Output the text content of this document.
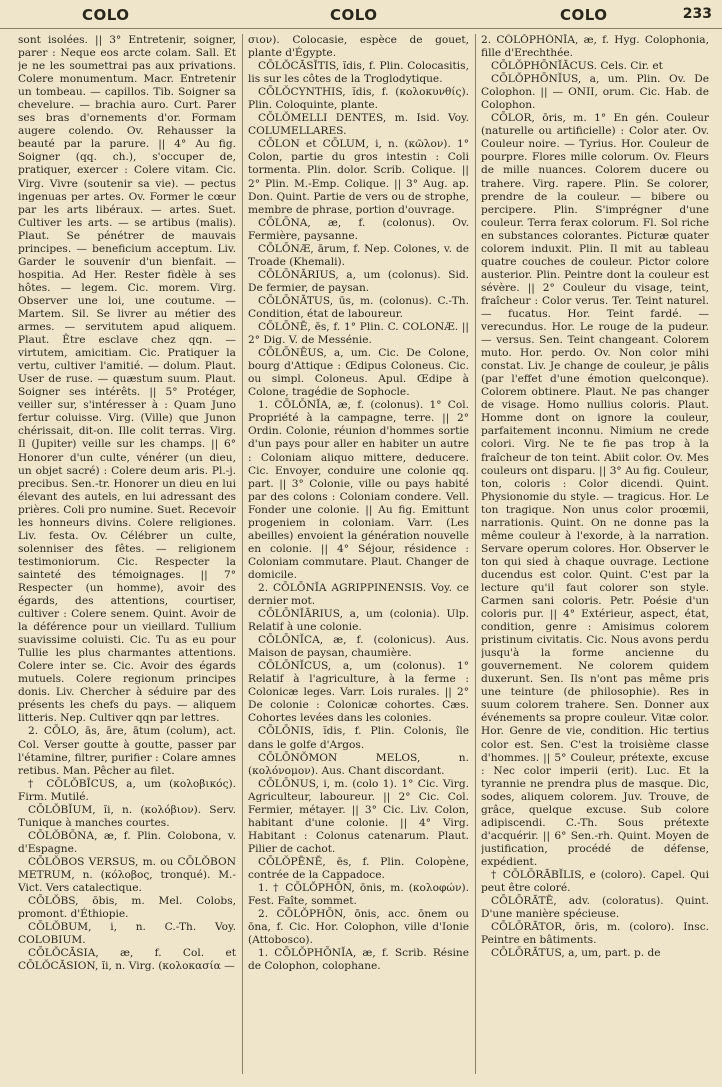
COLO	COLO	COLO	233

sont isolées. || 3° Entretenir, soigner, parer : Neque eos arcte colam. Sall. Et je ne les soumettrai pas aux privations. Colere monumentum. Macr. Entretenir un tombeau. — capillos. Tib. Soigner sa chevelure. — brachia auro. Curt. Parer ses bras d'ornements d'or. Formam augere colendo. Ov. Rehausser la beauté par la parure. || 4° Au fig. Soigner (qq. ch.), s'occuper de, pratiquer, exercer : Colere vitam. Cic. Virg. Vivre (soutenir sa vie). — pectus ingenuas per artes. Ov. Former le cœur par les arts libéraux. — artes. Suet. Cultiver les arts. — se artibus (malis). Plaut. Se pénétrer de mauvais principes. — beneficium acceptum. Liv. Garder le souvenir d'un bienfait. — hospitia. Ad Her. Rester fidèle à ses hôtes. — legem. Cic. morem. Virg. Observer une loi, une coutume. — Martem. Sil. Se livrer au métier des armes. — servitutem apud aliquem. Plaut. Être esclave chez qqn. — virtutem, amicitiam. Cic. Pratiquer la vertu, cultiver l'amitié. — dolum. Plaut. User de ruse. — quæstum suum. Plaut. Soigner ses intérêts. || 5° Protéger, veiller sur, s'intéresser à : Quam Juno fertur coluisse. Virg. (Ville) que Junon chérissait, dit-on. Ille colit terras. Virg. Il (Jupiter) veille sur les champs. || 6° Honorer d'un culte, vénérer (un dieu, un objet sacré) : Colere deum aris. Pl.-j. precibus. Sen.-tr. Honorer un dieu en lui élevant des autels, en lui adressant des prières. Coli pro numine. Suet. Recevoir les honneurs divins. Colere religiones. Liv. festa. Ov. Célébrer un culte, solenniser des fêtes. — religionem testimoniorum. Cic. Respecter la sainteté des témoignages. || 7° Respecter (un homme), avoir des égards, des attentions, courtiser, cultiver : Colere senem. Quint. Avoir de la déférence pour un vieillard. Tullium suavissime coluisti. Cic. Tu as eu pour Tullie les plus charmantes attentions. Colere inter se. Cic. Avoir des égards mutuels. Colere regionum principes donis. Liv. Chercher à séduire par des présents les chefs du pays. — aliquem litteris. Nep. Cultiver qqn par lettres.

2. CŌLO, ās, āre, ātum (colum), act. Col. Verser goutte à goutte, passer par l'étamine, filtrer, purifier : Colare amnes retibus. Man. Pêcher au filet.

† CŌLŎBĪCUS, a, um (κολοβικός). Firm. Mutilé.

CŌLŎBĬUM, ĭi, n. (κολόβιον). Serv. Tunique à manches courtes.

CŌLŎBŌNA, æ, f. Plin. Colobona, v. d'Espagne.

CŌLŎBOS VERSUS, m. ou CŌLŎBON METRUM, n. (κόλοβος, tronqué). M.-Vict. Vers catalectique.

CŌLŎBS, ōbis, m. Mel. Colobs, promont. d'Éthiopie.

CŌLŎBUM, i, n. C.-Th. Voy. COLOBIUM.

CŌLŎCĀSIA, æ, f. Col. et CŌLŎCĀSION, ĭi, n. Virg. (κολοκασία —

σιον). Colocasie, espèce de gouet, plante d'Égypte.

CŌLŎCĀSĬTIS, ĭdis, f. Plin. Colocasitis, lis sur les côtes de la Troglodytique.

CŌLŎCYNTHIS, ĭdis, f. (κολοκυνθίς). Plin. Coloquinte, plante.

CŌLŎMELLI DENTES, m. Isid. Voy. COLUMELLARES.

CŌLON et CŌLUM, i, n. (κῶλον). 1° Colon, partie du gros intestin : Coli tormenta. Plin. dolor. Scrib. Colique. || 2° Plin. M.-Emp. Colique. || 3° Aug. ap. Don. Quint. Partie de vers ou de strophe, membre de phrase, portion d'ouvrage.

CŌLŌNA, æ, f. (colonus). Ov. Fermière, paysanne.

CŌLŌNÆ, ārum, f. Nep. Colones, v. de Troade (Khemali).

CŌLŌNĀRIUS, a, um (colonus). Sid. De fermier, de paysan.

CŌLŌNĀTUS, ūs, m. (colonus). C.-Th. Condition, état de laboureur.

CŌLŌNĒ, ēs, f. 1° Plin. C. COLONÆ. || 2° Dig. V. de Messénie.

CŌLŌNĒUS, a, um. Cic. De Colone, bourg d'Attique : Œdipus Coloneus. Cic. ou simpl. Coloneus. Apul. Œdipe à Colone, tragédie de Sophocle.

1. CŌLŌNĬA, æ, f. (colonus). 1° Col. Propriété à la campagne, terre. || 2° Ordin. Colonie, réunion d'hommes sortie d'un pays pour aller en habiter un autre : Coloniam aliquo mittere, deducere. Cic. Envoyer, conduire une colonie qq. part. || 3° Colonie, ville ou pays habité par des colons : Coloniam condere. Vell. Fonder une colonie. || Au fig. Emittunt progeniem in coloniam. Varr. (Les abeilles) envoient la génération nouvelle en colonie. || 4° Séjour, résidence : Coloniam commutare. Plaut. Changer de domicile.

2. CŌLŌNĬA AGRIPPINENSIS. Voy. ce dernier mot.

CŌLŌNĬĀRIUS, a, um (colonia). Ulp. Relatif à une colonie.

CŌLŌNĬCA, æ, f. (colonicus). Aus. Maison de paysan, chaumière.

CŌLŌNĬCUS, a, um (colonus). 1° Relatif à l'agriculture, à la ferme : Colonicæ leges. Varr. Lois rurales. || 2° De colonie : Colonicæ cohortes. Cæs. Cohortes levées dans les colonies.

CŌLŌNIS, ĭdis, f. Plin. Colonis, île dans le golfe d'Argos.

CŌLŌNŎMON MELOS, n. (κολόνομον). Aus. Chant discordant.

CŌLŌNUS, i, m. (colo 1). 1° Cic. Virg. Agriculteur, laboureur. || 2° Cic. Col. Fermier, métayer. || 3° Cic. Liv. Colon, habitant d'une colonie. || 4° Virg. Habitant : Colonus catenarum. Plaut. Pilier de cachot.

CŌLŎPĒNĒ, ēs, f. Plin. Colopène, contrée de la Cappadoce.

1. † CŌLŎPHŌN, ōnis, m. (κολοφών). Fest. Faîte, sommet.

2. CŌLŎPHŌN, ōnis, acc. ōnem ou ōna, f. Cic. Hor. Colophon, ville d'Ionie (Attobosco).

1. CŌLŎPHŌNĬA, æ, f. Scrib. Résine de Colophon, colophane.

2. CŌLŎPHŌNĬA, æ, f. Hyg. Colophonia, fille d'Erechthée.

CŌLŎPHŌNĬĀCUS. Cels. Cir. et

CŌLŎPHŌNĬUS, a, um. Plin. Ov. De Colophon. || — ONII, orum. Cic. Hab. de Colophon.

CŌLOR, ōris, m. 1° En gén. Couleur (naturelle ou artificielle) : Color ater. Ov. Couleur noire. — Tyrius. Hor. Couleur de pourpre. Flores mille colorum. Ov. Fleurs de mille nuances. Colorem ducere ou trahere. Virg. rapere. Plin. Se colorer, prendre de la couleur. — bibere ou percipere. Plin. S'imprégner d'une couleur. Terra ferax colorum. Fl. Sol riche en substances colorantes. Picturæ quater colorem induxit. Plin. Il mit au tableau quatre couches de couleur. Pictor colore austerior. Plin. Peintre dont la couleur est sévère. || 2° Couleur du visage, teint, fraîcheur : Color verus. Ter. Teint naturel. — fucatus. Hor. Teint fardé. — verecundus. Hor. Le rouge de la pudeur. — versus. Sen. Teint changeant. Colorem muto. Hor. perdo. Ov. Non color mihi constat. Liv. Je change de couleur, je pâlis (par l'effet d'une émotion quelconque). Colorem obtinere. Plaut. Ne pas changer de visage. Homo nullius coloris. Plaut. Homme dont on ignore la couleur, parfaitement inconnu. Nimium ne crede colori. Virg. Ne te fie pas trop à la fraîcheur de ton teint. Abiit color. Ov. Mes couleurs ont disparu. || 3° Au fig. Couleur, ton, coloris : Color dicendi. Quint. Physionomie du style. — tragicus. Hor. Le ton tragique. Non unus color proœmii, narrationis. Quint. On ne donne pas la même couleur à l'exorde, à la narration. Servare operum colores. Hor. Observer le ton qui sied à chaque ouvrage. Lectione ducendus est color. Quint. C'est par la lecture qu'il faut colorer son style. Carmen sani coloris. Petr. Poésie d'un coloris pur. || 4° Extérieur, aspect, état, condition, genre : Amisimus colorem pristinum civitatis. Cic. Nous avons perdu jusqu'à la forme ancienne du gouvernement. Ne colorem quidem duxerunt. Sen. Ils n'ont pas même pris une teinture (de philosophie). Res in suum colorem trahere. Sen. Donner aux événements sa propre couleur. Vitæ color. Hor. Genre de vie, condition. Hic tertius color est. Sen. C'est la troisième classe d'hommes. || 5° Couleur, prétexte, excuse : Nec color imperii (erit). Luc. Et la tyrannie ne prendra plus de masque. Dic, sodes, aliquem colorem. Juv. Trouve, de grâce, quelque excuse. Sub colore adipiscendi. C.-Th. Sous prétexte d'acquérir. || 6° Sen.-rh. Quint. Moyen de justification, procédé de défense, expédient.

† CŌLŌRĀBĬLIS, e (coloro). Capel. Qui peut être coloré.

CŌLŌRĀTĒ, adv. (coloratus). Quint. D'une manière spécieuse.

CŌLŌRĀTOR, ōris, m. (coloro). Insc. Peintre en bâtiments.

CŌLŌRĀTUS, a, um, part. p. de
